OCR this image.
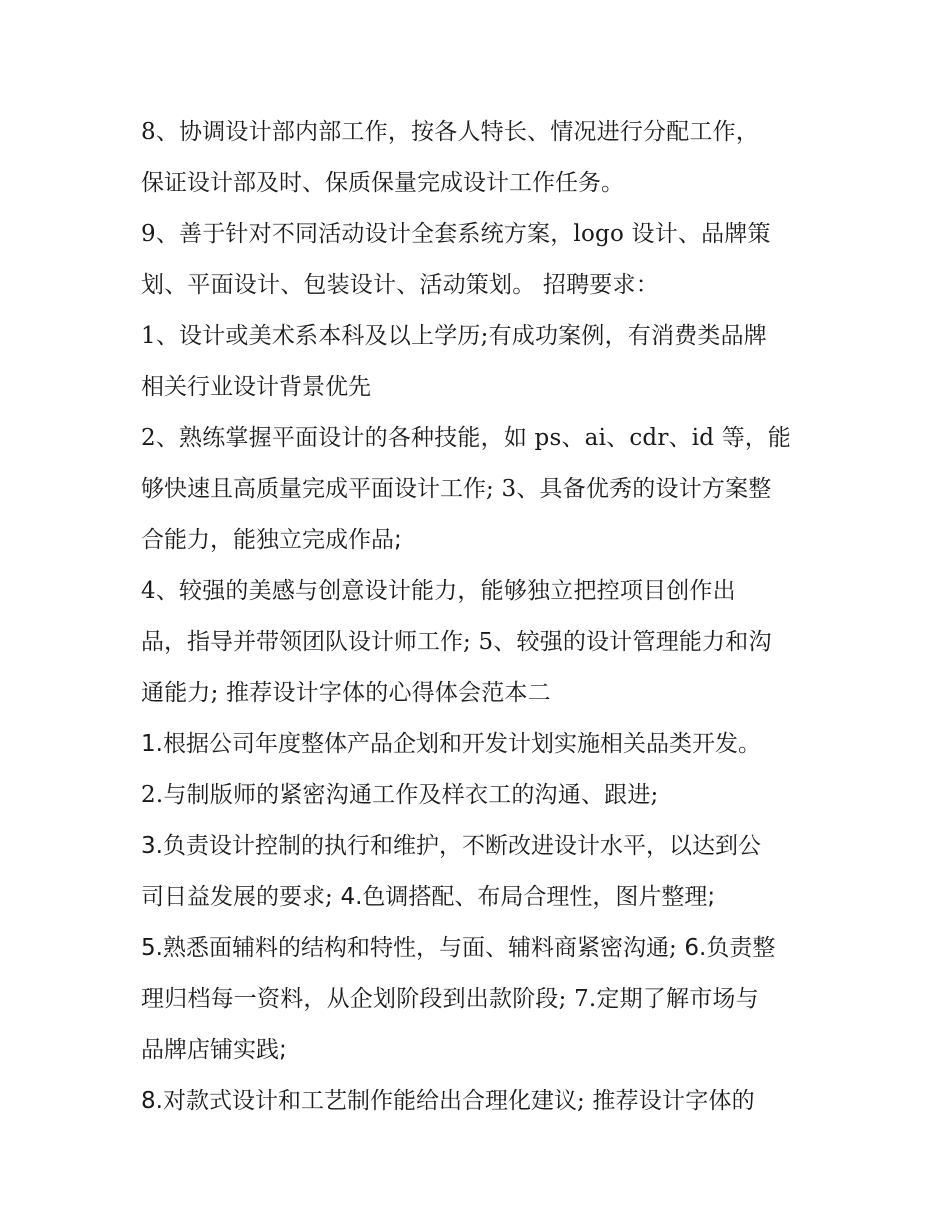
8、协调设计部内部工作，按各人特长、情况进行分配工作，
保证设计部及时、保质保量完成设计工作任务。
9、善于针对不同活动设计全套系统方案，logo 设计、品牌策
划、平面设计、包装设计、活动策划。 招聘要求：
1、设计或美术系本科及以上学历;有成功案例，有消费类品牌
相关行业设计背景优先
2、熟练掌握平面设计的各种技能，如 ps、ai、cdr、id 等，能
够快速且高质量完成平面设计工作; 3、具备优秀的设计方案整
合能力，能独立完成作品;
4、较强的美感与创意设计能力，能够独立把控项目创作出
品，指导并带领团队设计师工作; 5、较强的设计管理能力和沟
通能力; 推荐设计字体的心得体会范本二
1.根据公司年度整体产品企划和开发计划实施相关品类开发。
2.与制版师的紧密沟通工作及样衣工的沟通、跟进;
3.负责设计控制的执行和维护，不断改进设计水平，以达到公
司日益发展的要求; 4.色调搭配、布局合理性，图片整理;
5.熟悉面辅料的结构和特性，与面、辅料商紧密沟通; 6.负责整
理归档每一资料，从企划阶段到出款阶段; 7.定期了解市场与
品牌店铺实践;
8.对款式设计和工艺制作能给出合理化建议; 推荐设计字体的
